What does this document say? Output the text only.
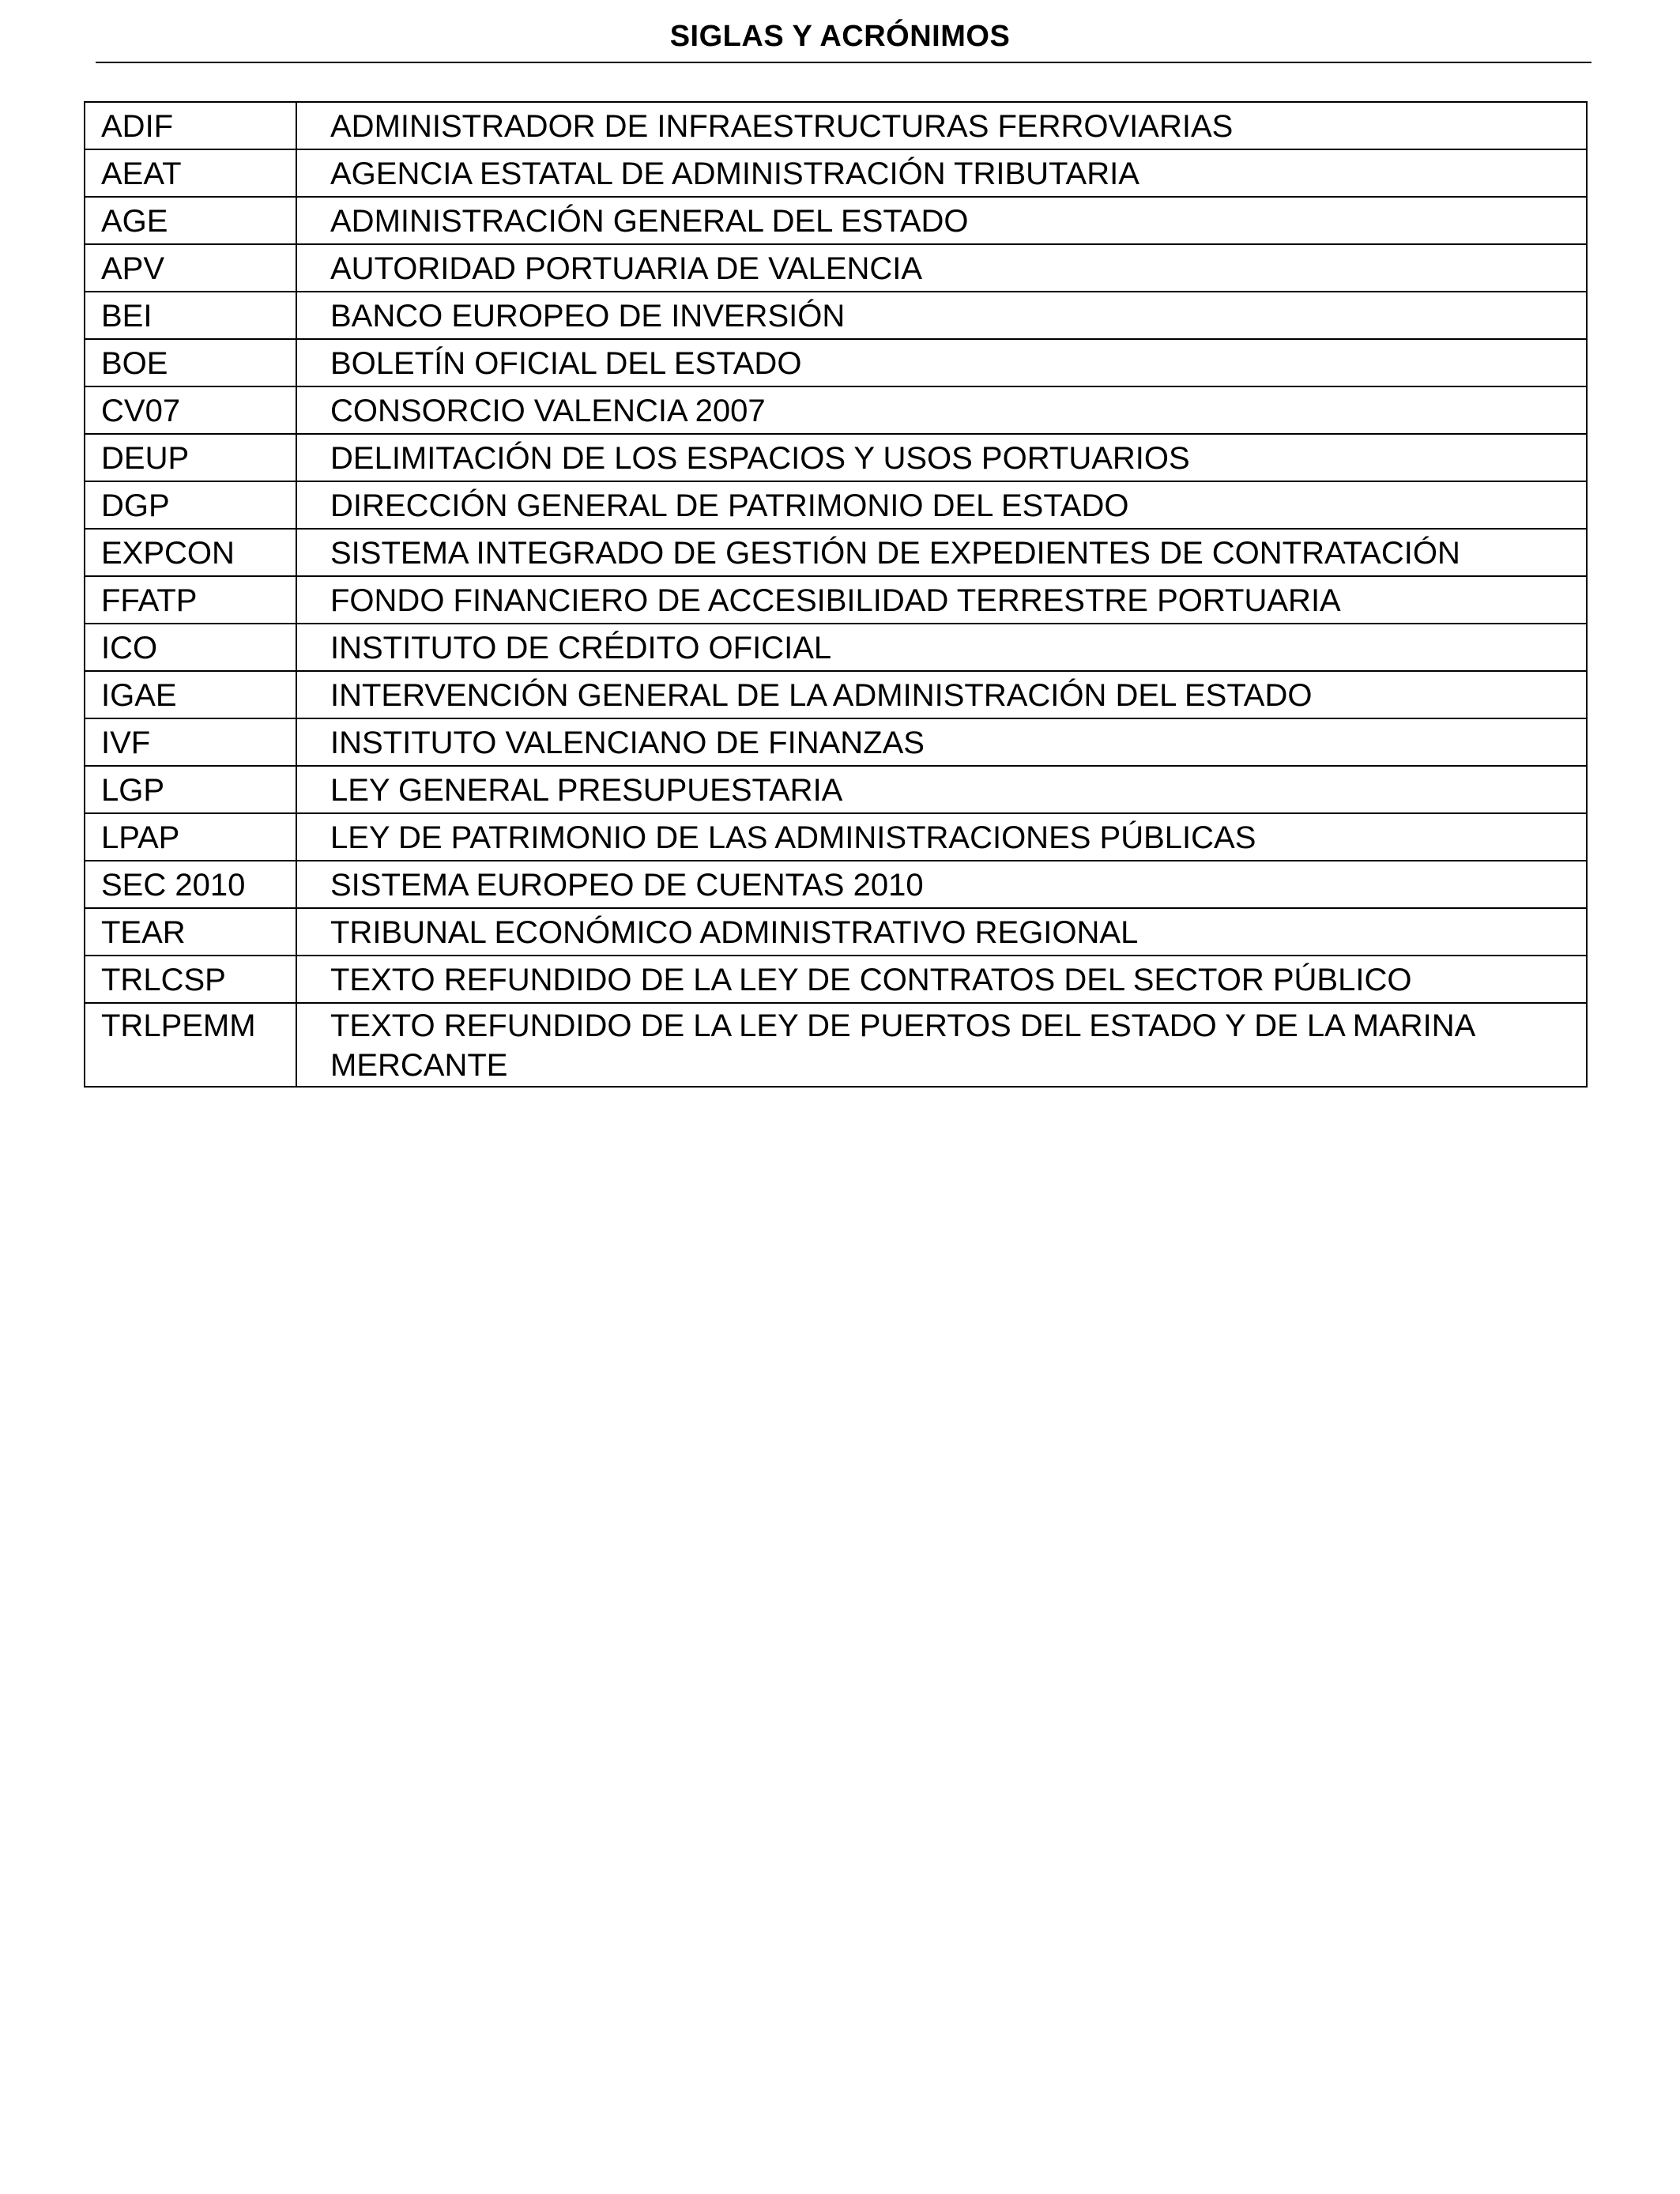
SIGLAS Y ACRÓNIMOS
ADIF	ADMINISTRADOR DE INFRAESTRUCTURAS FERROVIARIAS
AEAT	AGENCIA ESTATAL DE ADMINISTRACIÓN TRIBUTARIA
AGE	ADMINISTRACIÓN GENERAL DEL ESTADO
APV	AUTORIDAD PORTUARIA DE VALENCIA
BEI	BANCO EUROPEO DE INVERSIÓN
BOE	BOLETÍN OFICIAL DEL ESTADO
CV07	CONSORCIO VALENCIA 2007
DEUP	DELIMITACIÓN DE LOS ESPACIOS Y USOS PORTUARIOS
DGP	DIRECCIÓN GENERAL DE PATRIMONIO DEL ESTADO
EXPCON	SISTEMA INTEGRADO DE GESTIÓN DE EXPEDIENTES DE CONTRATACIÓN
FFATP	FONDO FINANCIERO DE ACCESIBILIDAD TERRESTRE PORTUARIA
ICO	INSTITUTO DE CRÉDITO OFICIAL
IGAE	INTERVENCIÓN GENERAL DE LA ADMINISTRACIÓN DEL ESTADO
IVF	INSTITUTO VALENCIANO DE FINANZAS
LGP	LEY GENERAL PRESUPUESTARIA
LPAP	LEY DE PATRIMONIO DE LAS ADMINISTRACIONES PÚBLICAS
SEC 2010	SISTEMA EUROPEO DE CUENTAS 2010
TEAR	TRIBUNAL ECONÓMICO ADMINISTRATIVO REGIONAL
TRLCSP	TEXTO REFUNDIDO DE LA LEY DE CONTRATOS DEL SECTOR PÚBLICO
TRLPEMM	TEXTO REFUNDIDO DE LA LEY DE PUERTOS DEL ESTADO Y DE LA MARINA MERCANTE
